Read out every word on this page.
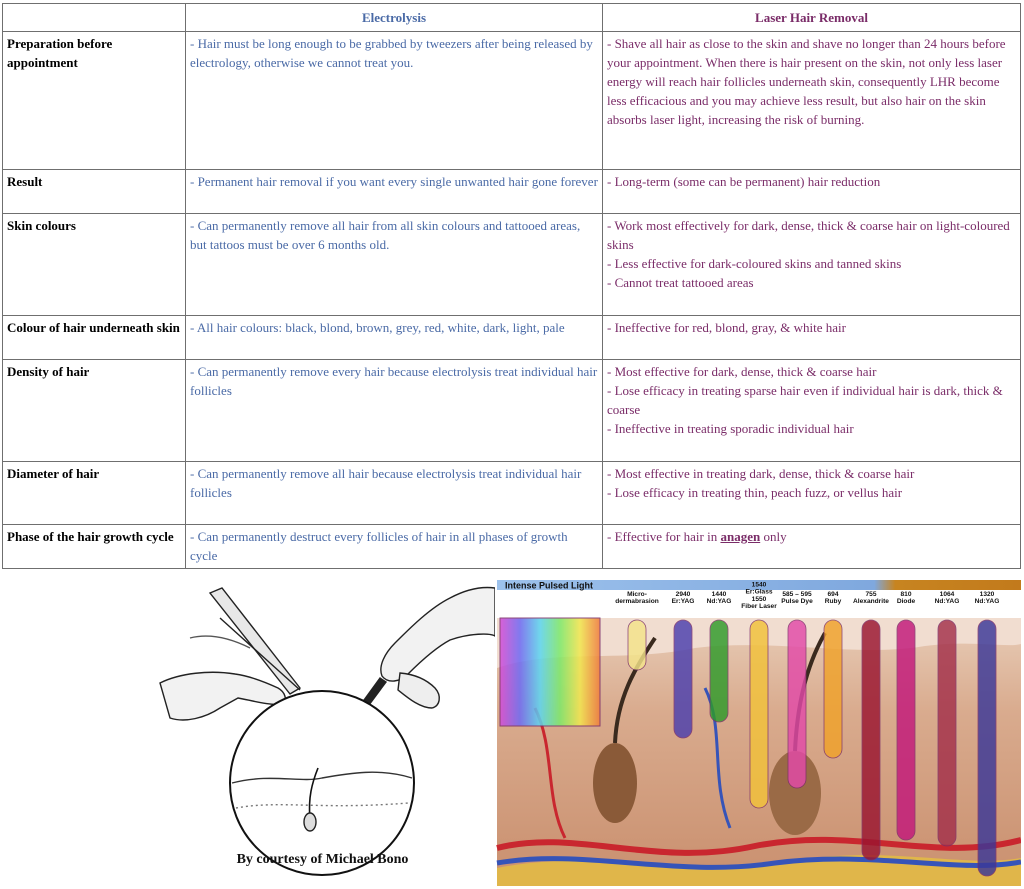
	Electrolysis	Laser Hair Removal
Preparation before appointment	- Hair must be long enough to be grabbed by tweezers after being released by electrology, otherwise we cannot treat you.	- Shave all hair as close to the skin and shave no longer than 24 hours before your appointment. When there is hair present on the skin, not only less laser energy will reach hair follicles underneath skin, consequently LHR become less efficacious and you may achieve less result, but also hair on the skin absorbs laser light, increasing the risk of burning.

Result	- Permanent hair removal if you want every single unwanted hair gone forever	- Long-term (some can be permanent) hair reduction

Skin colours	- Can permanently remove all hair from all skin colours and tattooed areas, but tattoos must be over 6 months old.	- Work most effectively for dark, dense, thick & coarse hair on light-coloured skins
- Less effective for dark-coloured skins and tanned skins
- Cannot treat tattooed areas

Colour of hair underneath skin	- All hair colours: black, blond, brown, grey, red, white, dark, light, pale	- Ineffective for red, blond, gray, & white hair

Density of hair	- Can permanently remove every hair because electrolysis treat individual hair follicles	- Most effective for dark, dense, thick & coarse hair
- Lose efficacy in treating sparse hair even if individual hair is dark, thick & coarse
- Ineffective in treating sporadic individual hair

Diameter of hair	- Can permanently remove all hair because electrolysis treat individual hair follicles	- Most effective in treating dark, dense, thick & coarse hair
- Lose efficacy in treating thin, peach fuzz, or vellus hair

Phase of the hair growth cycle	- Can permanently destruct every follicles of hair in all phases of growth cycle	- Effective for hair in anagen only
By courtesy of Michael Bono
Intense Pulsed Light
Micro-
dermabrasion
2940
Er:YAG
1440
Nd:YAG
1540
Er:Glass
1550
Fiber Laser
585 – 595
Pulse Dye
694
Ruby
755
Alexandrite
810
Diode
1064
Nd:YAG
1320
Nd:YAG
